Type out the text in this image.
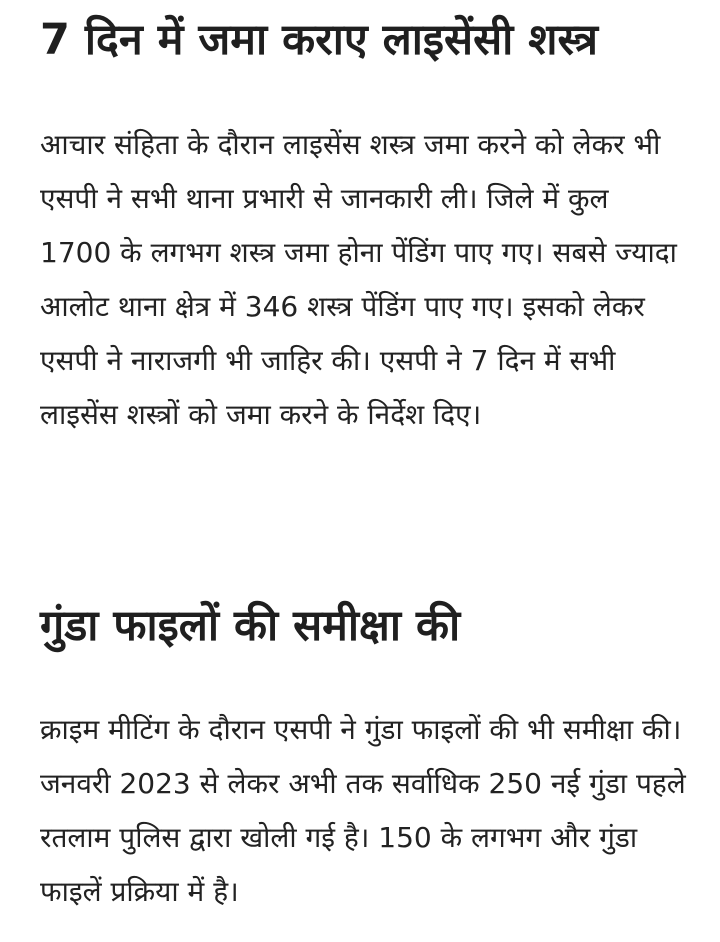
7 दिन में जमा कराए लाइसेंसी शस्त्र

आचार संहिता के दौरान लाइसेंस शस्त्र जमा करने को लेकर भी एसपी ने सभी थाना प्रभारी से जानकारी ली। जिले में कुल 1700 के लगभग शस्त्र जमा होना पेंडिंग पाए गए। सबसे ज्यादा आलोट थाना क्षेत्र में 346 शस्त्र पेंडिंग पाए गए। इसको लेकर एसपी ने नाराजगी भी जाहिर की। एसपी ने 7 दिन में सभी लाइसेंस शस्त्रों को जमा करने के निर्देश दिए।

गुंडा फाइलों की समीक्षा की

क्राइम मीटिंग के दौरान एसपी ने गुंडा फाइलों की भी समीक्षा की। जनवरी 2023 से लेकर अभी तक सर्वाधिक 250 नई गुंडा पहले रतलाम पुलिस द्वारा खोली गई है। 150 के लगभग और गुंडा फाइलें प्रक्रिया में है।
